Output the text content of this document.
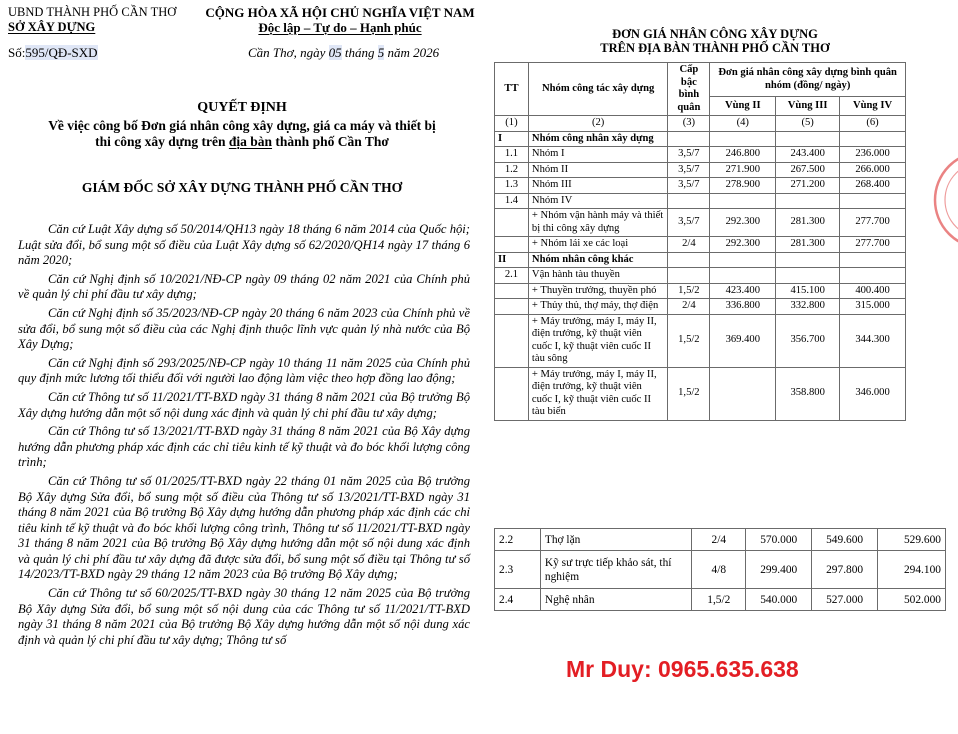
UBND THÀNH PHỐ CẦN THƠ
SỞ XÂY DỰNG
CỘNG HÒA XÃ HỘI CHỦ NGHĨA VIỆT NAM
Độc lập – Tự do – Hạnh phúc
Số:595/QĐ-SXD	Cần Thơ, ngày 05 tháng 5 năm 2026
QUYẾT ĐỊNH
Về việc công bố Đơn giá nhân công xây dựng, giá ca máy và thiết bị
thi công xây dựng trên địa bàn thành phố Cần Thơ
GIÁM ĐỐC SỞ XÂY DỰNG THÀNH PHỐ CẦN THƠ

Căn cứ Luật Xây dựng số 50/2014/QH13 ngày 18 tháng 6 năm 2014 của Quốc hội; Luật sửa đổi, bổ sung một số điều của Luật Xây dựng số 62/2020/QH14 ngày 17 tháng 6 năm 2020;

Căn cứ Nghị định số 10/2021/NĐ-CP ngày 09 tháng 02 năm 2021 của Chính phủ về quản lý chi phí đầu tư xây dựng;

Căn cứ Nghị định số 35/2023/NĐ-CP ngày 20 tháng 6 năm 2023 của Chính phủ về sửa đổi, bổ sung một số điều của các Nghị định thuộc lĩnh vực quản lý nhà nước của Bộ Xây Dựng;

Căn cứ Nghị định số 293/2025/NĐ-CP ngày 10 tháng 11 năm 2025 của Chính phủ quy định mức lương tối thiểu đối với người lao động làm việc theo hợp đồng lao động;

Căn cứ Thông tư số 11/2021/TT-BXD ngày 31 tháng 8 năm 2021 của Bộ trưởng Bộ Xây dựng hướng dẫn một số nội dung xác định và quản lý chi phí đầu tư xây dựng;

Căn cứ Thông tư số 13/2021/TT-BXD ngày 31 tháng 8 năm 2021 của Bộ Xây dựng hướng dẫn phương pháp xác định các chỉ tiêu kinh tế kỹ thuật và đo bóc khối lượng công trình;

Căn cứ Thông tư số 01/2025/TT-BXD ngày 22 tháng 01 năm 2025 của Bộ trưởng Bộ Xây dựng Sửa đổi, bổ sung một số điều của Thông tư số 13/2021/TT-BXD ngày 31 tháng 8 năm 2021 của Bộ trưởng Bộ Xây dựng hướng dẫn phương pháp xác định các chỉ tiêu kinh tế kỹ thuật và đo bóc khối lượng công trình, Thông tư số 11/2021/TT-BXD ngày 31 tháng 8 năm 2021 của Bộ trưởng Bộ Xây dựng hướng dẫn một số nội dung xác định và quản lý chi phí đầu tư xây dựng đã được sửa đổi, bổ sung một số điều tại Thông tư số 14/2023/TT-BXD ngày 29 tháng 12 năm 2023 của Bộ trưởng Bộ Xây dựng;

Căn cứ Thông tư số 60/2025/TT-BXD ngày 30 tháng 12 năm 2025 của Bộ trưởng Bộ Xây dựng Sửa đổi, bổ sung một số nội dung của các Thông tư số 11/2021/TT-BXD ngày 31 tháng 8 năm 2021 của Bộ trưởng Bộ Xây dựng hướng dẫn một số nội dung xác định và quản lý chi phí đầu tư xây dựng; Thông tư số

ĐƠN GIÁ NHÂN CÔNG XÂY DỰNG
TRÊN ĐỊA BÀN THÀNH PHỐ CẦN THƠ
TT	Nhóm công tác xây dựng	Cấp bậc bình quân	Đơn giá nhân công xây dựng bình quân nhóm (đồng/ ngày)		
			Vùng II	Vùng III	Vùng IV
(1)	(2)	(3)	(4)	(5)	(6)
I	Nhóm công nhân xây dựng				
1.1	Nhóm I	3,5/7	246.800	243.400	236.000
1.2	Nhóm II	3,5/7	271.900	267.500	266.000
1.3	Nhóm III	3,5/7	278.900	271.200	268.400
1.4	Nhóm IV				
	+ Nhóm vận hành máy và thiết bị thi công xây dựng	3,5/7	292.300	281.300	277.700
	+ Nhóm lái xe các loại	2/4	292.300	281.300	277.700
II	Nhóm nhân công khác				
2.1	Vận hành tàu thuyền				
	+ Thuyền trưởng, thuyền phó	1,5/2	423.400	415.100	400.400
	+ Thủy thủ, thợ máy, thợ điện	2/4	336.800	332.800	315.000
	+ Máy trưởng, máy I, máy II, điện trưởng, kỹ thuật viên cuốc I, kỹ thuật viên cuốc II tàu sông	1,5/2	369.400	356.700	344.300
	+ Máy trưởng, máy I, máy II, điện trưởng, kỹ thuật viên cuốc I, kỹ thuật viên cuốc II tàu biển	1,5/2		358.800	346.000
2.2	Thợ lặn	2/4	570.000	549.600	529.600
2.3	Kỹ sư trực tiếp khảo sát, thí nghiệm	4/8	299.400	297.800	294.100
2.4	Nghệ nhân	1,5/2	540.000	527.000	502.000
Mr Duy: 0965.635.638
